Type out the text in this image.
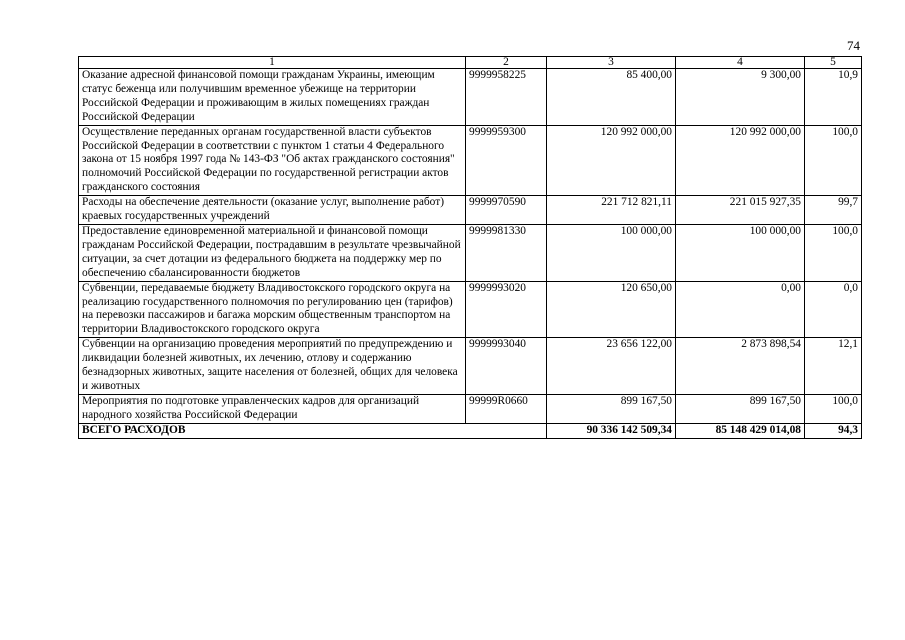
74
1	2	3	4	5
Оказание адресной финансовой помощи гражданам Украины, имеющим статус беженца или получившим временное убежище на территории Российской Федерации и проживающим в жилых помещениях граждан Российской Федерации	9999958225	85 400,00	9 300,00	10,9
Осуществление переданных органам государственной власти субъектов Российской Федерации в соответствии с пунктом 1 статьи 4 Федерального закона от 15 ноября 1997 года № 143-ФЗ "Об актах гражданского состояния" полномочий Российской Федерации по государственной регистрации актов гражданского состояния	9999959300	120 992 000,00	120 992 000,00	100,0
Расходы на обеспечение деятельности (оказание услуг, выполнение работ) краевых государственных учреждений	9999970590	221 712 821,11	221 015 927,35	99,7
Предоставление единовременной материальной и финансовой помощи гражданам Российской Федерации, пострадавшим в результате чрезвычайной ситуации, за счет дотации из федерального бюджета на поддержку мер по обеспечению сбалансированности бюджетов	9999981330	100 000,00	100 000,00	100,0
Субвенции, передаваемые бюджету Владивостокского городского округа на реализацию государственного полномочия по регулированию цен (тарифов) на перевозки пассажиров и багажа морским общественным транспортом на территории Владивостокского городского округа	9999993020	120 650,00	0,00	0,0
Субвенции на организацию проведения мероприятий по предупреждению и ликвидации болезней животных, их лечению, отлову и содержанию безнадзорных животных, защите населения от болезней, общих для человека и животных	9999993040	23 656 122,00	2 873 898,54	12,1
Мероприятия по подготовке управленческих кадров для организаций народного хозяйства Российской Федерации	99999R0660	899 167,50	899 167,50	100,0
ВСЕГО РАСХОДОВ		90 336 142 509,34	85 148 429 014,08	94,3
